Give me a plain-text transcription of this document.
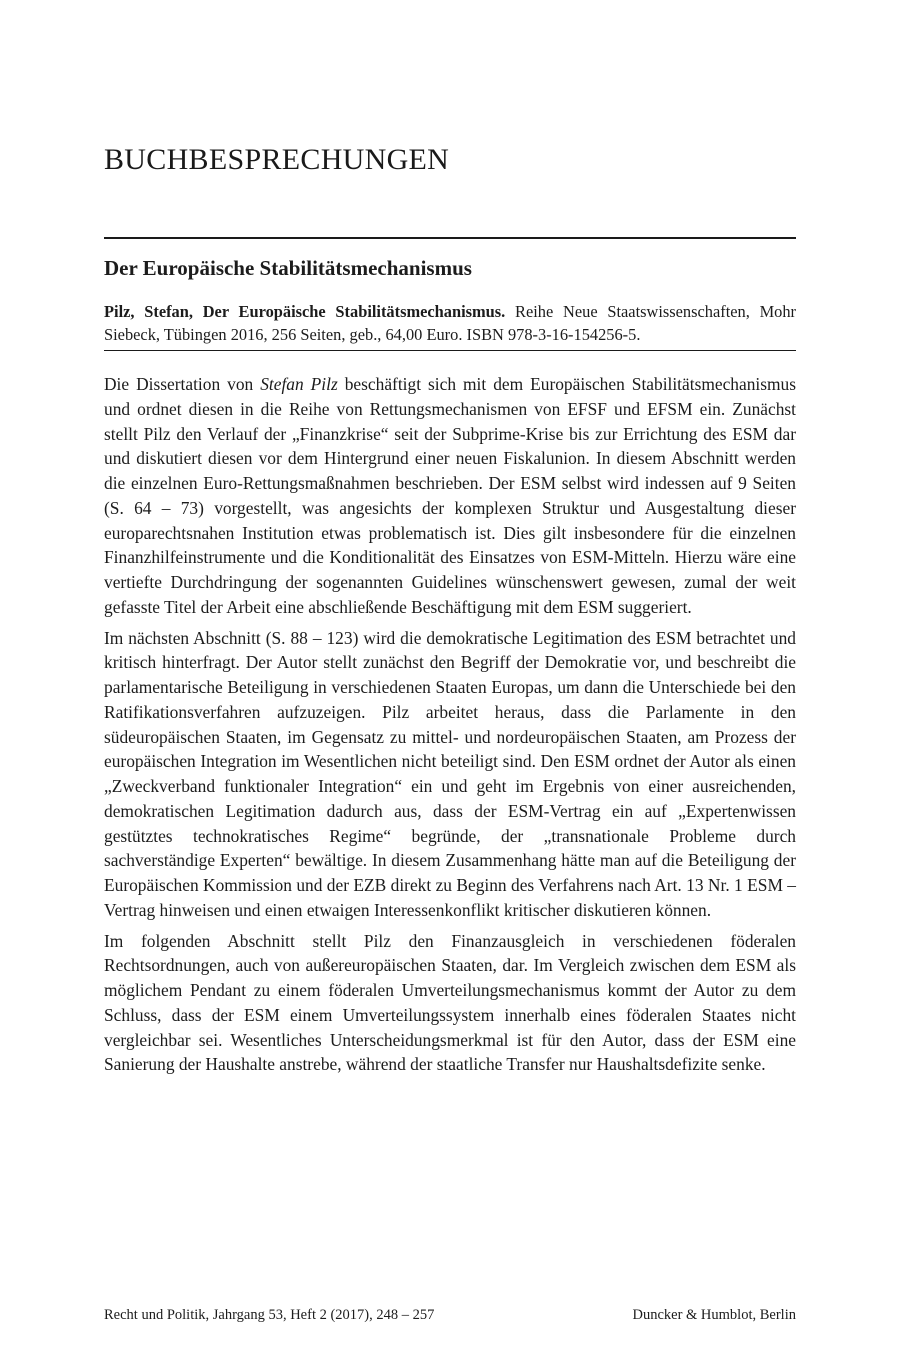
BUCHBESPRECHUNGEN
Der Europäische Stabilitätsmechanismus

Pilz, Stefan, Der Europäische Stabilitätsmechanismus. Reihe Neue Staatswissenschaften, Mohr Siebeck, Tübingen 2016, 256 Seiten, geb., 64,00 Euro. ISBN 978-3-16-154256-5.

Die Dissertation von Stefan Pilz beschäftigt sich mit dem Europäischen Stabilitätsmechanismus und ordnet diesen in die Reihe von Rettungsmechanismen von EFSF und EFSM ein. Zunächst stellt Pilz den Verlauf der „Finanzkrise“ seit der Subprime-Krise bis zur Errichtung des ESM dar und diskutiert diesen vor dem Hintergrund einer neuen Fiskalunion. In diesem Abschnitt werden die einzelnen Euro-Rettungsmaßnahmen beschrieben. Der ESM selbst wird indessen auf 9 Seiten (S. 64 – 73) vorgestellt, was angesichts der komplexen Struktur und Ausgestaltung dieser europarechtsnahen Institution etwas problematisch ist. Dies gilt insbesondere für die einzelnen Finanzhilfeinstrumente und die Konditionalität des Einsatzes von ESM-Mitteln. Hierzu wäre eine vertiefte Durchdringung der sogenannten Guidelines wünschenswert gewesen, zumal der weit gefasste Titel der Arbeit eine abschließende Beschäftigung mit dem ESM suggeriert.

Im nächsten Abschnitt (S. 88 – 123) wird die demokratische Legitimation des ESM betrachtet und kritisch hinterfragt. Der Autor stellt zunächst den Begriff der Demokratie vor, und beschreibt die parlamentarische Beteiligung in verschiedenen Staaten Europas, um dann die Unterschiede bei den Ratifikationsverfahren aufzuzeigen. Pilz arbeitet heraus, dass die Parlamente in den südeuropäischen Staaten, im Gegensatz zu mittel- und nordeuropäischen Staaten, am Prozess der europäischen Integration im Wesentlichen nicht beteiligt sind. Den ESM ordnet der Autor als einen „Zweckverband funktionaler Integration“ ein und geht im Ergebnis von einer ausreichenden, demokratischen Legitimation dadurch aus, dass der ESM-Vertrag ein auf „Expertenwissen gestütztes technokratisches Regime“ begründe, der „transnationale Probleme durch sachverständige Experten“ bewältige. In diesem Zusammenhang hätte man auf die Beteiligung der Europäischen Kommission und der EZB direkt zu Beginn des Verfahrens nach Art. 13 Nr. 1 ESM – Vertrag hinweisen und einen etwaigen Interessenkonflikt kritischer diskutieren können.

Im folgenden Abschnitt stellt Pilz den Finanzausgleich in verschiedenen föderalen Rechtsordnungen, auch von außereuropäischen Staaten, dar. Im Vergleich zwischen dem ESM als möglichem Pendant zu einem föderalen Umverteilungsmechanismus kommt der Autor zu dem Schluss, dass der ESM einem Umverteilungssystem innerhalb eines föderalen Staates nicht vergleichbar sei. Wesentliches Unterscheidungsmerkmal ist für den Autor, dass der ESM eine Sanierung der Haushalte anstrebe, während der staatliche Transfer nur Haushaltsdefizite senke.

Recht und Politik, Jahrgang 53, Heft 2 (2017), 248 – 257	Duncker & Humblot, Berlin
